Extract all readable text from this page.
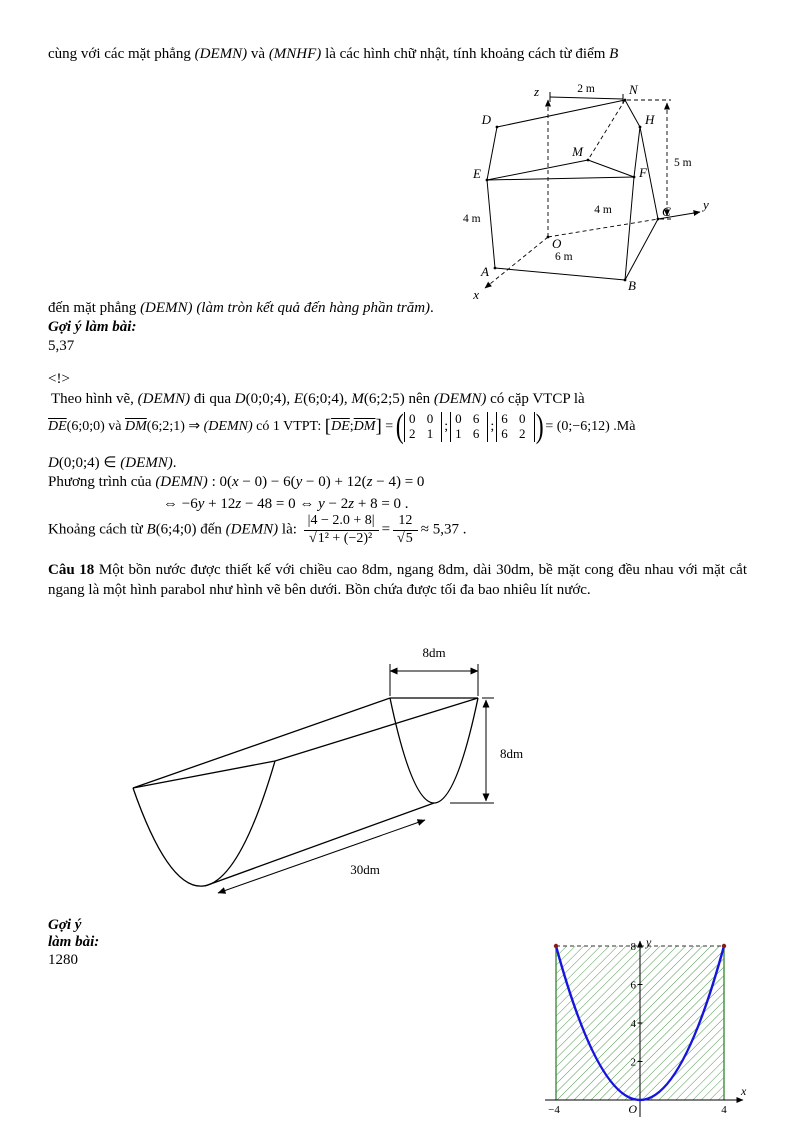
cùng với các mặt phẳng (DEMN) và (MNHF) là các hình chữ nhật, tính khoảng cách từ điểm B
z	N
D	H
M
E	F
C y
O
A
B
x
2 m
5 m
4 m
4 m
6 m
đến mặt phẳng (DEMN) (làm tròn kết quả đến hàng phần trăm).
Gợi ý làm bài:
5,37
<!>
Theo hình vẽ, (DEMN) đi qua D(0;0;4), E(6;0;4), M(6;2;5) nên (DEMN) có cặp VTCP là
$\overline{DE}(6;0;0)$ và $\overline{DM}(6;2;1)$ ⇒ (DEMN) có 1 VTPT: $[\overline{DE};\overline{DM}]$ = ( 0 0
2 1 ;
0 6
1 6 ;
6 0
6 2 ) = (0;−6;12) .Mà
D(0;0;4) ∈ (DEMN).
Phương trình của (DEMN) : 0(x − 0) − 6(y − 0) + 12(z − 4) = 0
⇔ −6y + 12z − 48 = 0 ⇔ y − 2z + 8 = 0 .
Khoảng cách từ B(6;4;0) đến (DEMN) là: $\frac{|4 - 2.0 + 8|}{\text{√1² + (−2)²}} = \frac{12}{√5} \approx 5,37$ .
Câu 18 Một bồn nước được thiết kế với chiều cao 8dm, ngang 8dm, dài 30dm, bề mặt cong đều nhau với mặt cắt ngang là một hình parabol như hình vẽ bên dưới. Bồn chứa được tối đa bao nhiêu lít nước.
8dm
8dm
30dm
Gợi ý
làm bài:
1280
8
6
4
2
−4	4
O
x
y
